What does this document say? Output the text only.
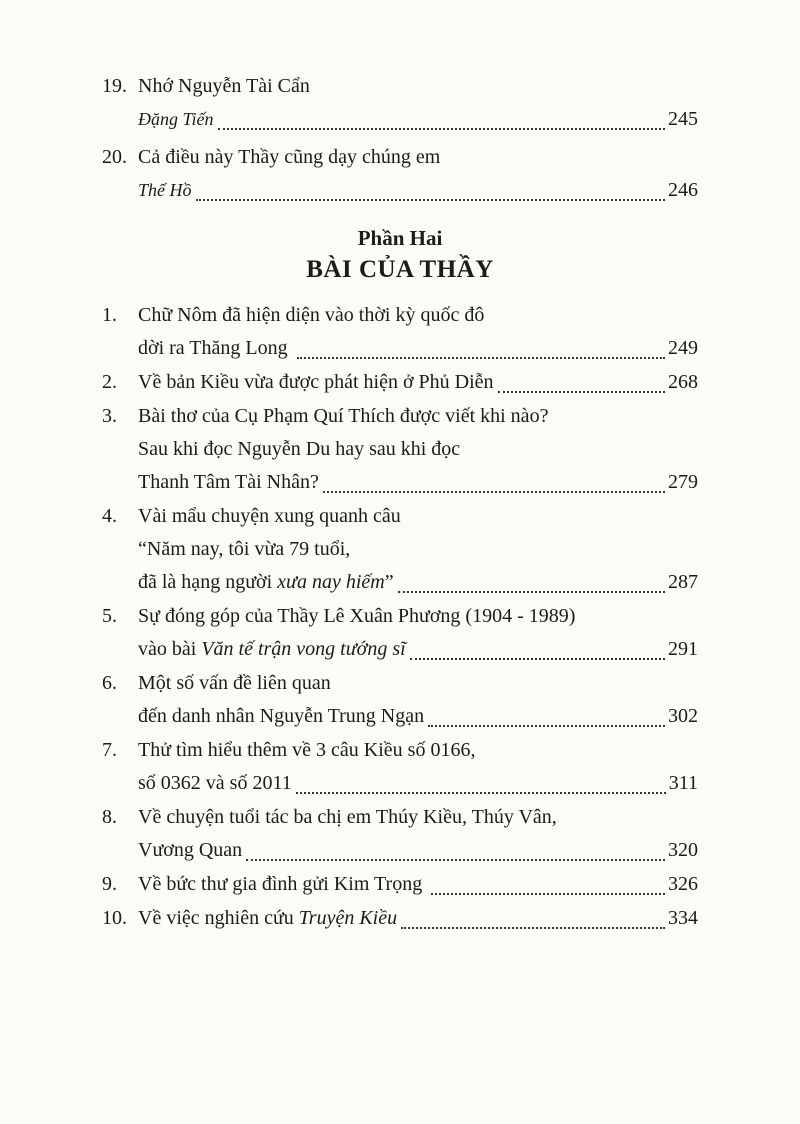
19. Nhớ Nguyễn Tài Cẩn
Đặng Tiến	245
20. Cả điều này Thầy cũng dạy chúng em
Thế Hồ	246
Phần Hai
BÀI CỦA THẦY
1.	Chữ Nôm đã hiện diện vào thời kỳ quốc đô
dời ra Thăng Long	249
2.	Về bản Kiều vừa được phát hiện ở Phủ Diễn	268
3.	Bài thơ của Cụ Phạm Quí Thích được viết khi nào?
Sau khi đọc Nguyễn Du hay sau khi đọc
Thanh Tâm Tài Nhân?	279
4.	Vài mẩu chuyện xung quanh câu
“Năm nay, tôi vừa 79 tuổi,
đã là hạng người xưa nay hiếm ”	287
5.	Sự đóng góp của Thầy Lê Xuân Phương (1904 - 1989)
vào bài Văn tế trận vong tướng sĩ	291
6.	Một số vấn đề liên quan
đến danh nhân Nguyễn Trung Ngạn	302
7.	Thử tìm hiểu thêm về 3 câu Kiều số 0166,
số 0362 và số 2011	311
8.	Về chuyện tuổi tác ba chị em Thúy Kiều, Thúy Vân,
Vương Quan	320
9.	Về bức thư gia đình gửi Kim Trọng	326
10. Về việc nghiên cứu Truyện Kiều	334
